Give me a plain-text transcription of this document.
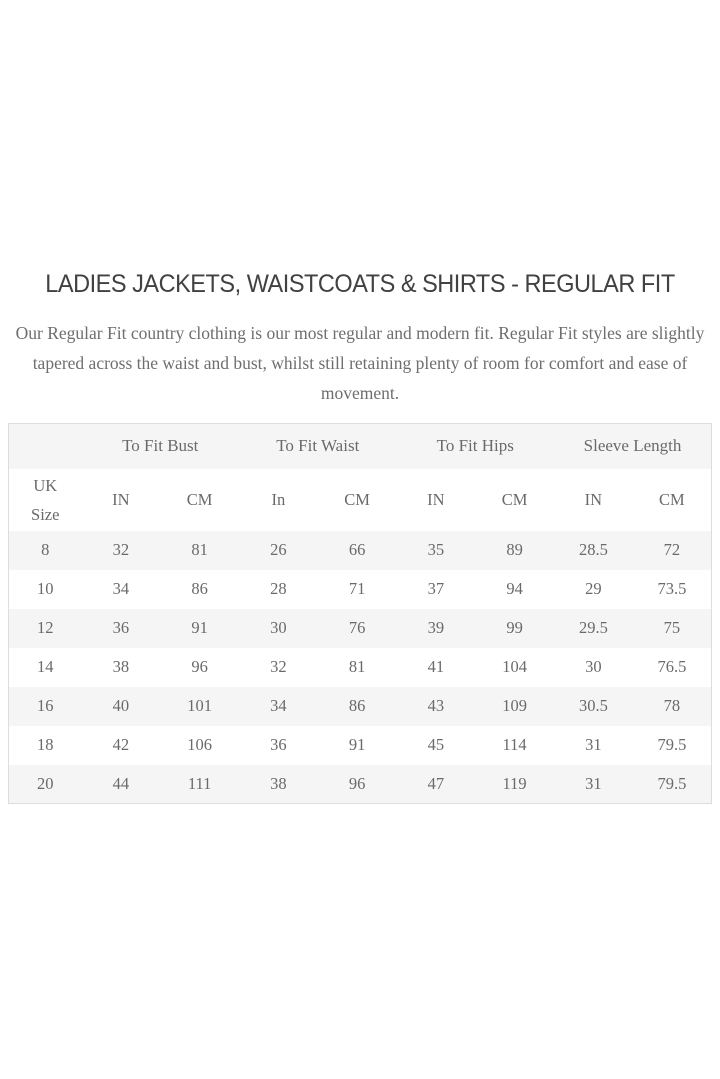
LADIES JACKETS, WAISTCOATS & SHIRTS - REGULAR FIT

Our Regular Fit country clothing is our most regular and modern fit. Regular Fit styles are slightly tapered across the waist and bust, whilst still retaining plenty of room for comfort and ease of movement.

	To Fit Bust		To Fit Waist		To Fit Hips		Sleeve Length	
UK Size	IN	CM	In	CM	IN	CM	IN	CM
8	32	81	26	66	35	89	28.5	72
10	34	86	28	71	37	94	29	73.5
12	36	91	30	76	39	99	29.5	75
14	38	96	32	81	41	104	30	76.5
16	40	101	34	86	43	109	30.5	78
18	42	106	36	91	45	114	31	79.5
20	44	111	38	96	47	119	31	79.5
